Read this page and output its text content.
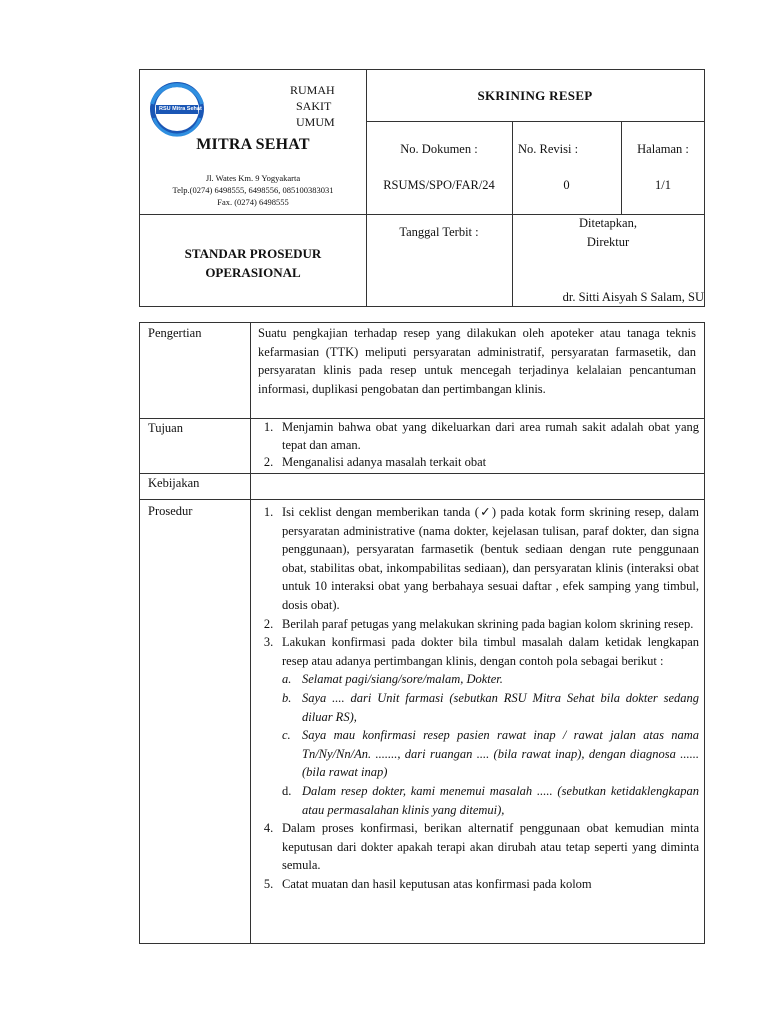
RSU Mitra Sehat
RUMAH
SAKIT
UMUM
MITRA SEHAT
Jl. Wates Km. 9 Yogyakarta
Telp.(0274) 6498555, 6498556, 085100383031
Fax. (0274) 6498555
STANDAR PROSEDUR
OPERASIONAL
SKRINING RESEP
No. Dokumen :
RSUMS/SPO/FAR/24
No. Revisi :
0
Halaman :
1/1
Tanggal Terbit :
Ditetapkan,
Direktur
dr. Sitti Aisyah S Salam, SU
Pengertian	Suatu pengkajian terhadap resep yang dilakukan oleh apoteker atau tanaga teknis kefarmasian (TTK) meliputi persyaratan administratif, persyaratan farmasetik, dan persyaratan klinis pada resep untuk mencegah terjadinya kelalaian pencantuman informasi, duplikasi pengobatan dan pertimbangan klinis.
Tujuan	1. Menjamin bahwa obat yang dikeluarkan dari area rumah sakit adalah obat yang tepat dan aman.
2. Menganalisi adanya masalah terkait obat
Kebijakan
Prosedur	1. Isi ceklist dengan memberikan tanda (✓) pada kotak form skrining resep, dalam persyaratan administrative (nama dokter, kejelasan tulisan, paraf dokter, dan signa penggunaan), persyaratan farmasetik (bentuk sediaan dengan rute penggunaan obat, stabilitas obat, inkompabilitas sediaan), dan persyaratan klinis (interaksi obat untuk 10 interaksi obat yang berbahaya sesuai daftar , efek samping yang timbul, dosis obat).
2. Berilah paraf petugas yang melakukan skrining pada bagian kolom skrining resep.
3. Lakukan konfirmasi pada dokter bila timbul masalah dalam ketidak lengkapan resep atau adanya pertimbangan klinis, dengan contoh pola sebagai berikut :
a. Selamat pagi/siang/sore/malam, Dokter.
b. Saya .... dari Unit farmasi (sebutkan RSU Mitra Sehat bila dokter sedang diluar RS),
c. Saya mau konfirmasi resep pasien rawat inap / rawat jalan atas nama Tn/Ny/Nn/An. ......., dari ruangan .... (bila rawat inap), dengan diagnosa ...... (bila rawat inap)
d. Dalam resep dokter, kami menemui masalah ..... (sebutkan ketidaklengkapan atau permasalahan klinis yang ditemui),
4. Dalam proses konfirmasi, berikan alternatif penggunaan obat kemudian minta keputusan dari dokter apakah terapi akan dirubah atau tetap seperti yang diminta semula.
5. Catat muatan dan hasil keputusan atas konfirmasi pada kolom
